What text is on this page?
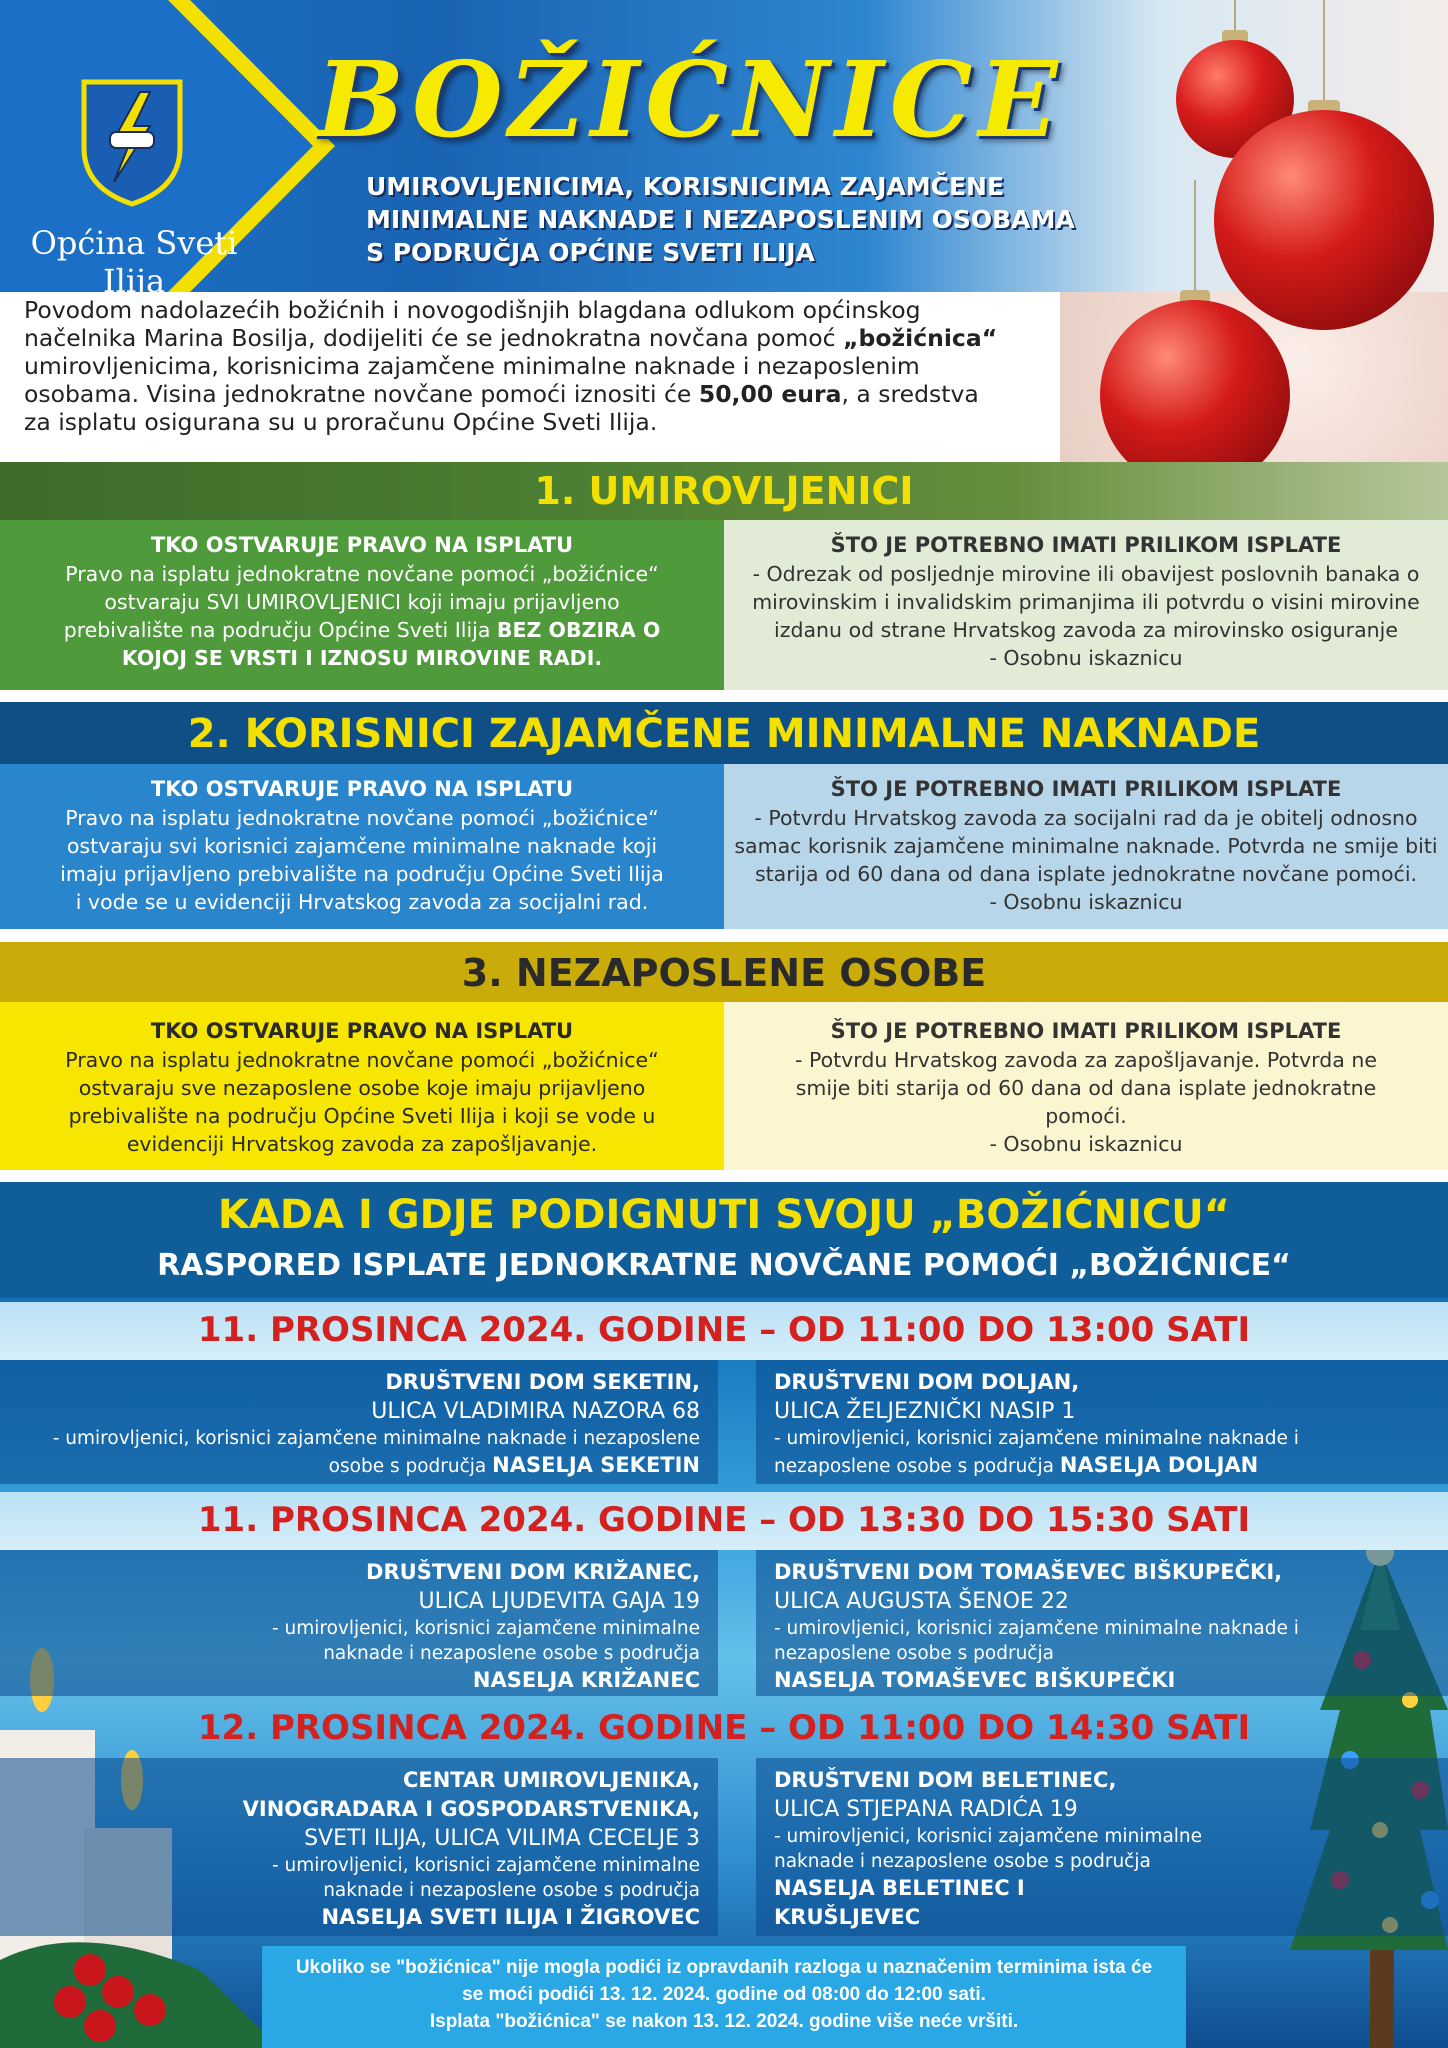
Općina Sveti Ilija
BOŽIĆNICE
UMIROVLJENICIMA, KORISNICIMA ZAJAMČENE
MINIMALNE NAKNADE I NEZAPOSLENIM OSOBAMA
S PODRUČJA OPĆINE SVETI ILIJA
Povodom nadolazećih božićnih i novogodišnjih blagdana odlukom općinskog
načelnika Marina Bosilja, dodijeliti će se jednokratna novčana pomoć „božićnica“
umirovljenicima, korisnicima zajamčene minimalne naknade i nezaposlenim
osobama. Visina jednokratne novčane pomoći iznositi će 50,00 eura, a sredstva
za isplatu osigurana su u proračunu Općine Sveti Ilija.
1. UMIROVLJENICI
TKO OSTVARUJE PRAVO NA ISPLATU
Pravo na isplatu jednokratne novčane pomoći „božićnice“
ostvaraju SVI UMIROVLJENICI koji imaju prijavljeno
prebivalište na području Općine Sveti Ilija BEZ OBZIRA O
KOJOJ SE VRSTI I IZNOSU MIROVINE RADI.
ŠTO JE POTREBNO IMATI PRILIKOM ISPLATE
- Odrezak od posljednje mirovine ili obavijest poslovnih banaka o
mirovinskim i invalidskim primanjima ili potvrdu o visini mirovine
izdanu od strane Hrvatskog zavoda za mirovinsko osiguranje
- Osobnu iskaznicu
2. KORISNICI ZAJAMČENE MINIMALNE NAKNADE
TKO OSTVARUJE PRAVO NA ISPLATU
Pravo na isplatu jednokratne novčane pomoći „božićnice“
ostvaraju svi korisnici zajamčene minimalne naknade koji
imaju prijavljeno prebivalište na području Općine Sveti Ilija
i vode se u evidenciji Hrvatskog zavoda za socijalni rad.
ŠTO JE POTREBNO IMATI PRILIKOM ISPLATE
- Potvrdu Hrvatskog zavoda za socijalni rad da je obitelj odnosno
samac korisnik zajamčene minimalne naknade. Potvrda ne smije biti
starija od 60 dana od dana isplate jednokratne novčane pomoći.
- Osobnu iskaznicu
3. NEZAPOSLENE OSOBE
TKO OSTVARUJE PRAVO NA ISPLATU
Pravo na isplatu jednokratne novčane pomoći „božićnice“
ostvaraju sve nezaposlene osobe koje imaju prijavljeno
prebivalište na području Općine Sveti Ilija i koji se vode u
evidenciji Hrvatskog zavoda za zapošljavanje.
ŠTO JE POTREBNO IMATI PRILIKOM ISPLATE
- Potvrdu Hrvatskog zavoda za zapošljavanje. Potvrda ne
smije biti starija od 60 dana od dana isplate jednokratne
pomoći.
- Osobnu iskaznicu
KADA I GDJE PODIGNUTI SVOJU „BOŽIĆNICU“
RASPORED ISPLATE JEDNOKRATNE NOVČANE POMOĆI „BOŽIĆNICE“
11. PROSINCA 2024. GODINE – OD 11:00 DO 13:00 SATI
DRUŠTVENI DOM SEKETIN,
ULICA VLADIMIRA NAZORA 68
- umirovljenici, korisnici zajamčene minimalne naknade i nezaposlene
osobe s područja NASELJA SEKETIN
DRUŠTVENI DOM DOLJAN,
ULICA ŽELJEZNIČKI NASIP 1
- umirovljenici, korisnici zajamčene minimalne naknade i
nezaposlene osobe s područja NASELJA DOLJAN
11. PROSINCA 2024. GODINE – OD 13:30 DO 15:30 SATI
DRUŠTVENI DOM KRIŽANEC,
ULICA LJUDEVITA GAJA 19
- umirovljenici, korisnici zajamčene minimalne
naknade i nezaposlene osobe s područja
NASELJA KRIŽANEC
DRUŠTVENI DOM TOMAŠEVEC BIŠKUPEČKI,
ULICA AUGUSTA ŠENOE 22
- umirovljenici, korisnici zajamčene minimalne naknade i
nezaposlene osobe s područja
NASELJA TOMAŠEVEC BIŠKUPEČKI
12. PROSINCA 2024. GODINE – OD 11:00 DO 14:30 SATI
CENTAR UMIROVLJENIKA,
VINOGRADARA I GOSPODARSTVENIKA,
SVETI ILIJA, ULICA VILIMA CECELJE 3
- umirovljenici, korisnici zajamčene minimalne
naknade i nezaposlene osobe s područja
NASELJA SVETI ILIJA I ŽIGROVEC
DRUŠTVENI DOM BELETINEC,
ULICA STJEPANA RADIĆA 19
- umirovljenici, korisnici zajamčene minimalne
naknade i nezaposlene osobe s područja
NASELJA BELETINEC I
KRUŠLJEVEC
Ukoliko se "božićnica" nije mogla podići iz opravdanih razloga u naznačenim terminima ista će
se moći podići 13. 12. 2024. godine od 08:00 do 12:00 sati.
Isplata "božićnica" se nakon 13. 12. 2024. godine više neće vršiti.
